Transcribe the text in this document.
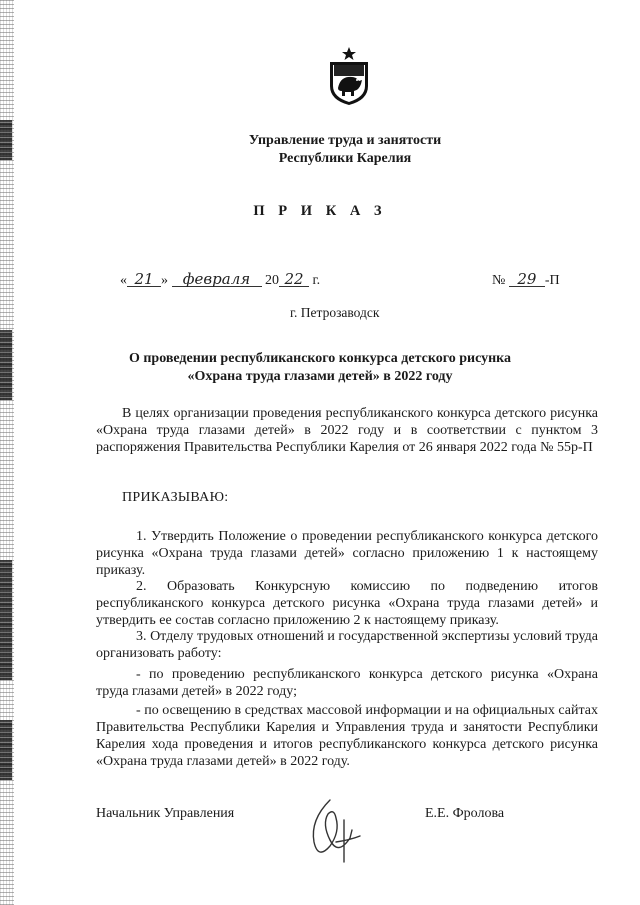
Управление труда и занятости
Республики Карелия
П Р И К А З
« 21 » февраля 20 22 г.	№ 29 -П
г. Петрозаводск
О проведении республиканского конкурса детского рисунка «Охрана труда глазами детей» в 2022 году

В целях организации проведения республиканского конкурса детского рисунка «Охрана труда глазами детей» в 2022 году и в соответствии с пунктом 3 распоряжения Правительства Республики Карелия от 26 января 2022 года № 55р-П

ПРИКАЗЫВАЮ:

1. Утвердить Положение о проведении республиканского конкурса детского рисунка «Охрана труда глазами детей» согласно приложению 1 к настоящему приказу.

2. Образовать Конкурсную комиссию по подведению итогов республиканского конкурса детского рисунка «Охрана труда глазами детей» и утвердить ее состав согласно приложению 2 к настоящему приказу.

3. Отделу трудовых отношений и государственной экспертизы условий труда организовать работу:

- по проведению республиканского конкурса детского рисунка «Охрана труда глазами детей» в 2022 году;

- по освещению в средствах массовой информации и на официальных сайтах Правительства Республики Карелия и Управления труда и занятости Республики Карелия хода проведения и итогов республиканского конкурса детского рисунка «Охрана труда глазами детей» в 2022 году.

Начальник Управления	Е.Е. Фролова
